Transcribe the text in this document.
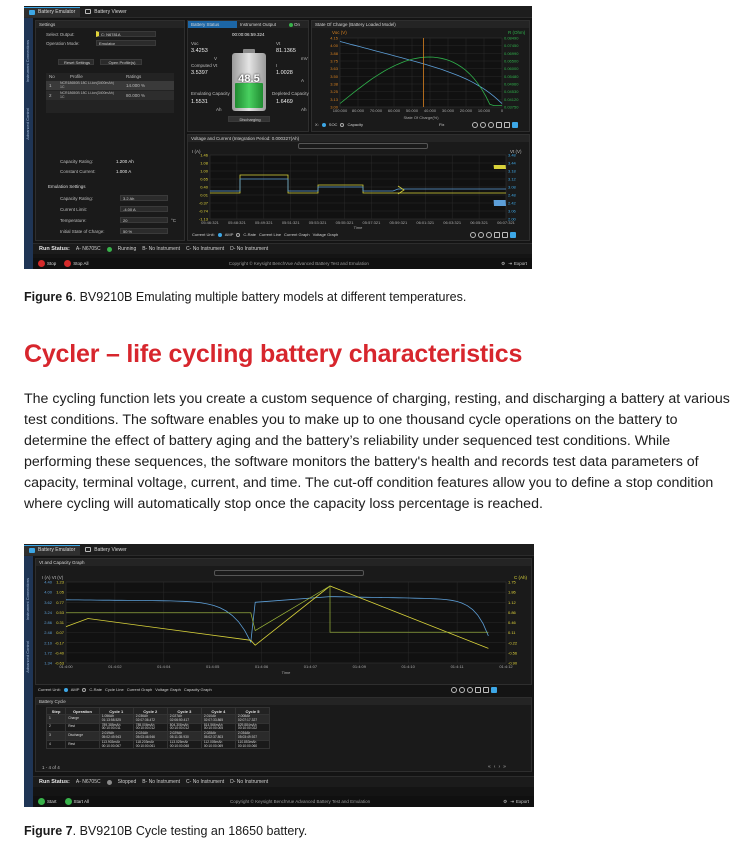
Battery Emulator	Battery Viewer
Instrument Connections
Advanced Control
Settings
Select Output:	C: N6781A
Operation Mode:	Emulator
Reset Settings	Open Profile(s)
No	Profile	Ratings
1 NCR18650B 18C Li-ion(3400mAh) 1C	14.000 %
2 NCR18650B 18C Li-ion(3400mAh) 1C	80.000 %
Capacity Rating:	1.200 Ah
Constant Current:	1.000 A
Emulation Settings
Capacity Rating:	3.2 Ah
Current Limit:	-4.00 A
Temperature:	20	°C
Initial State of Charge:	50 %
Battery Status	Instrument Output	On
00:00:06:59.324
Voc
3.4253
V
Vt
81.1365
mV
Computed Vt
3.5397
I
1.0028
A
Emulating Capacity
1.5531
Ah
Depleted Capacity
1.6469
Ah
48.5
Discharging
State Of Charge (Battery Loaded Model)
Voc (V)	R (Ohm)
4.15	0.08490
4.00	0.07450
3.88	0.06990
3.75	0.06500
3.63	0.06000
3.50	0.05480
3.38	0.04960
3.25	0.04530
3.13	0.04120
3.00	0.03750
100.000 80.000 70.000 60.000 50.000 40.000 30.000 20.000 10.000	0
State Of Charge(%)
X:	SOC	Capacity	Fix
Voltage and Current (Integration Period: 0.000327(Ah)
I (A)	Vt (V)
1.46	3.48
1.08	3.44
1.00	3.18
0.65	3.12
0.40	3.08
0.01	2.48
-0.37	2.42
-0.74	3.06
-1.13	2.00
05:46:321 05:48:321 05:49:321 05:51:321 05:53:321 05:55:321 05:57:321 05:59:321 06:01:321 06:03:321 06:05:321 06:07:321
Time
Current Unit:	AMP	C-Rate Current Line Current Graph Voltage Graph
Run Status: A- N6705C	Running B- No Instrument C- No Instrument D- No Instrument
Stop	Stop All	Copyright © Keysight BenchVue Advanced Battery Test and Emulation	⚙ ⇥ Export
Figure 6. BV9210B Emulating multiple battery models at different temperatures.
Cycler – life cycling battery characteristics
The cycling function lets you create a custom sequence of charging, resting, and discharging a battery at various test conditions. The software enables you to make up to one thousand cycle operations on the battery to determine the effect of battery aging and the battery’s reliability under sequenced test conditions. While performing these sequences, the software monitors the battery's health and records test data parameters of capacity, terminal voltage, current, and time. The cut-off condition features allow you to define a stop condition where cycling will automatically stop once the capacity loss percentage is reached.
Battery Emulator	Battery Viewer
Instrument Connections
Advanced Control
Vt and Capacity Graph
I (A) Vt (V)	C (Ah)
1.23	1.75
1.05	1.86
0.77	1.12
0.53	0.86
0.31	0.46
0.07	0.11
-0.17	-0.22
-0.40	-0.56
-0.63	-0.90
01:4:00	01:4:02	01:4:04	01:4:05	01:4:06	01:4:07	01:4:09	01:4:10	01:4:11	01:4:12
4.40
4.00
3.62
3.24
2.86
2.48
2.10
1.72
1.34
Time
Current Unit:	AMP	C-Rate Cycle Line Current Graph Voltage Graph Capacity Graph
Battery Cycle
Step	Operation	Cycle 1	Cycle 2	Cycle 3	Cycle 4	Cycle 5
1	Charge	1.056Ah
01:13:58.525	2.036Ah
02:07:36.472	2.027Ah
02:06:50.417	2.010Ah
02:07:33.865	2.008Ah
02:07:17.327
2	Rest	789.385mAh
00:10:00.011	785.006mAh
00:10:00.012	804.308mAh
00:10:00.012	814.566mAh
00:10:00.005	829.884mAh
00:10:00.022
3	Discharge	2.019Ah
05:02:49.943	2.024Ah
05:03:46.946	2.029Ah
05:11:35.930	2.028Ah
05:02:37.803	2.034Ah
05:03:49.927
4	Rest	113.903mAh
00:10:00.067	118.203mAh
00:10:00.061	113.025mAh
00:10:00.068	112.005mAh
00:10:00.069	110.853mAh
00:10:00.060
1 - 4 of 4	« ‹ › »
Run Status: A- N6705C	Stopped B- No Instrument C- No Instrument D- No Instrument
Start	Start All	Copyright © Keysight BenchVue Advanced Battery Test and Emulation	⚙ ⇥ Export
Figure 7. BV9210B Cycle testing an 18650 battery.
